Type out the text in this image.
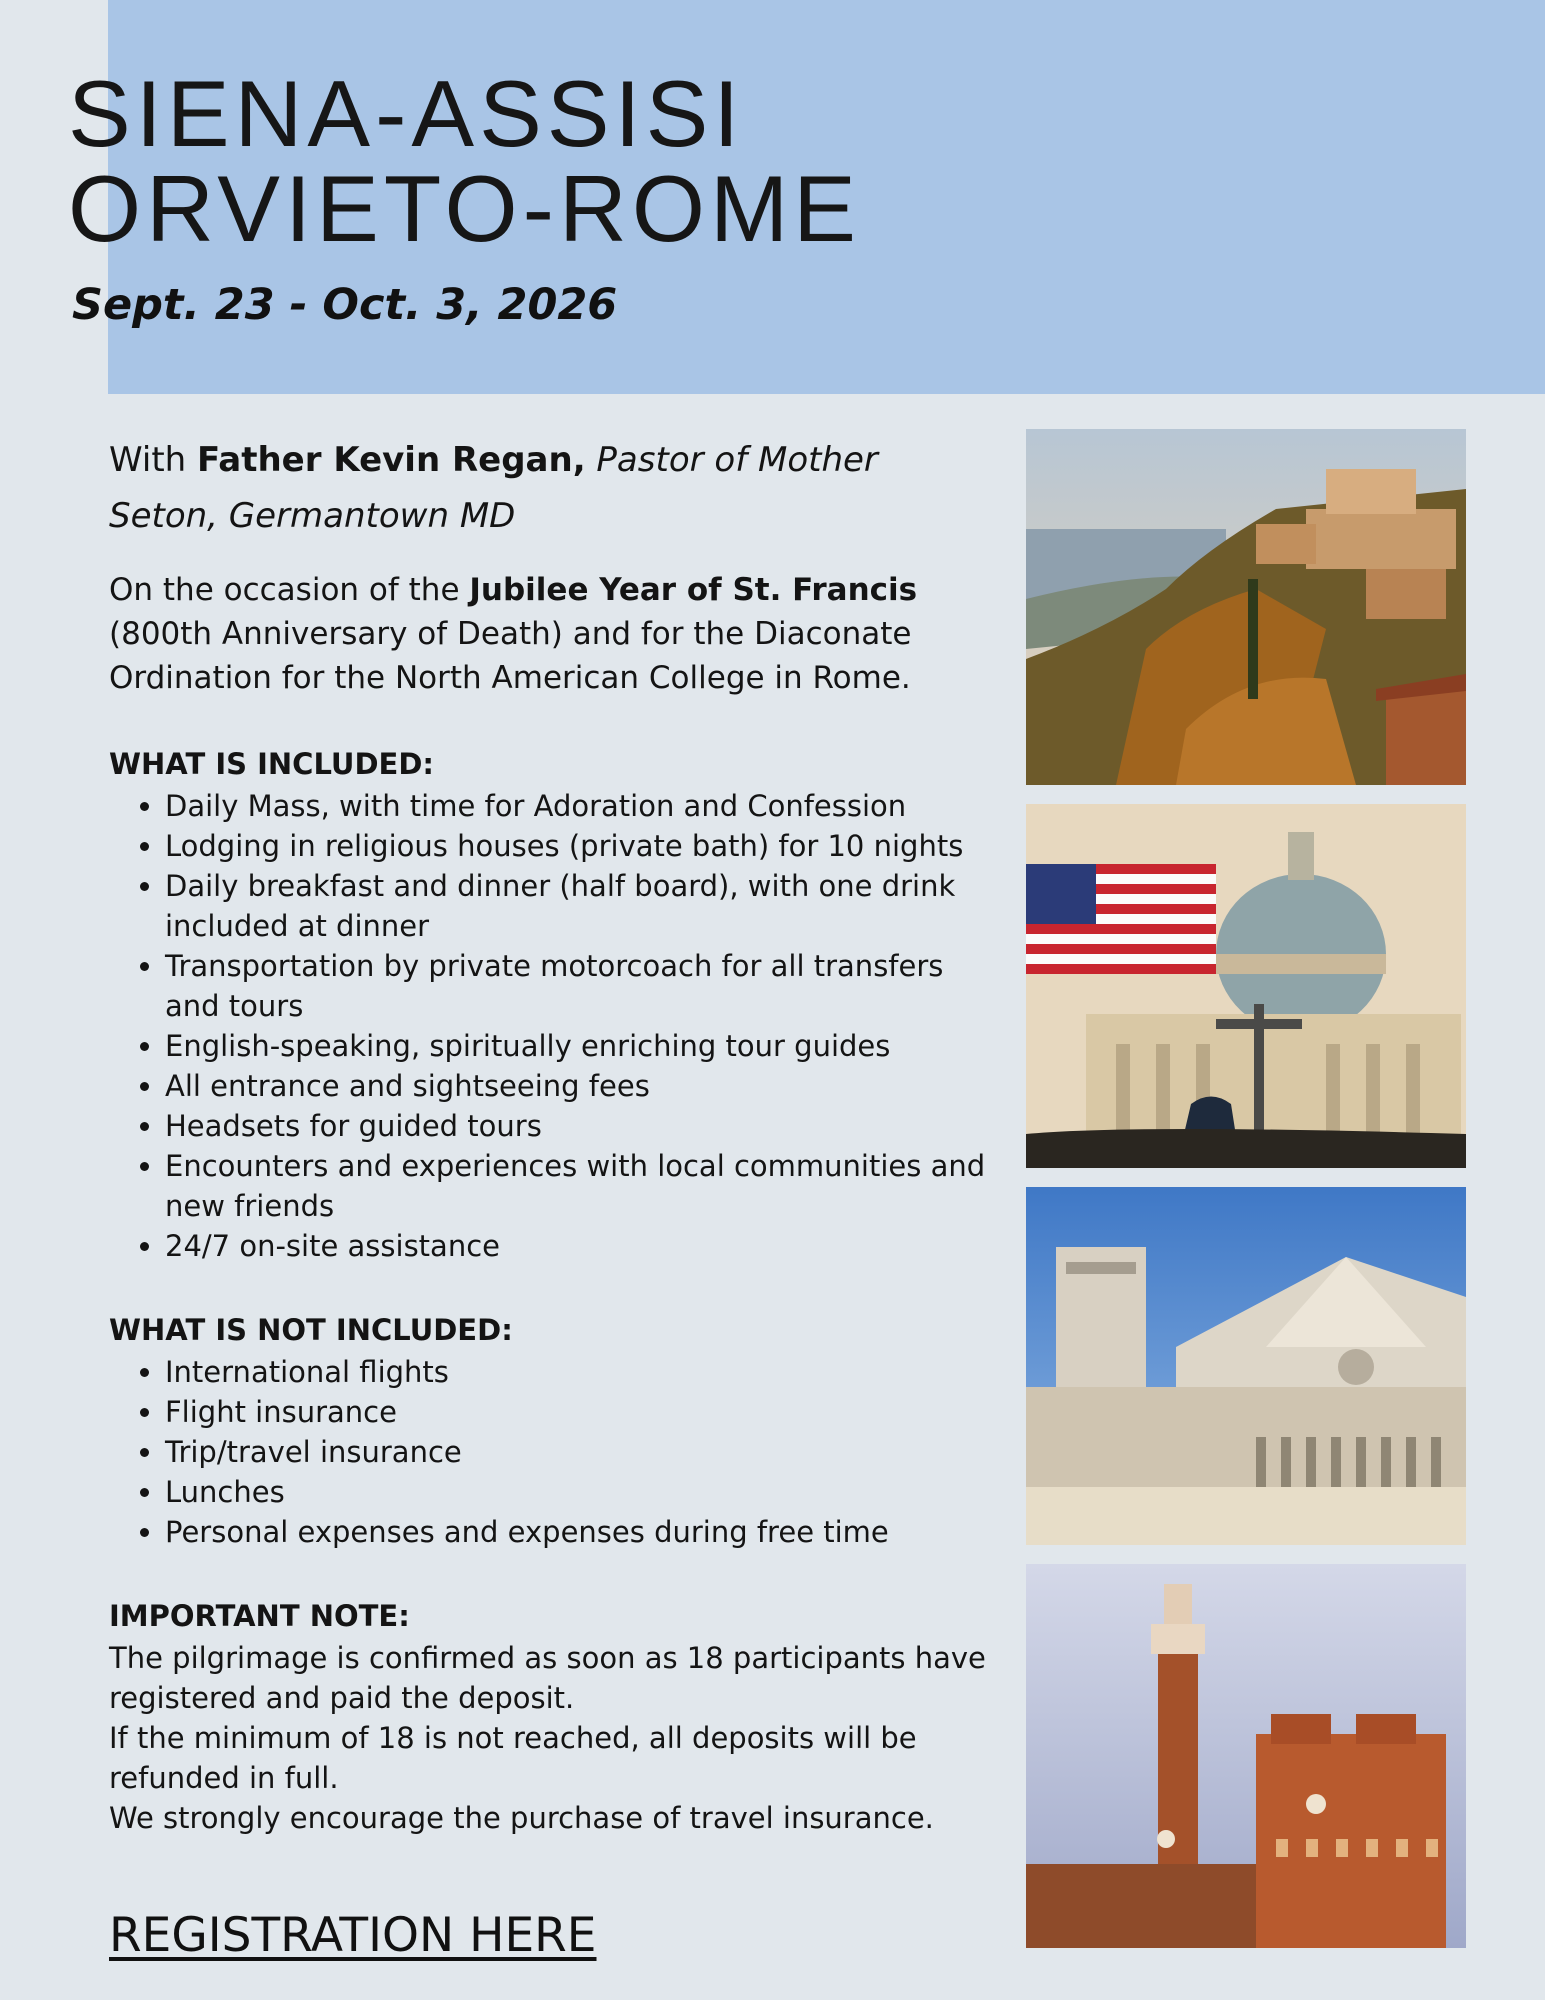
SIENA-ASSISI
ORVIETO-ROME
Sept. 23 - Oct. 3, 2026

With Father Kevin Regan, Pastor of Mother Seton, Germantown MD

On the occasion of the Jubilee Year of St. Francis (800th Anniversary of Death) and for the Diaconate Ordination for the North American College in Rome.

WHAT IS INCLUDED:
• Daily Mass, with time for Adoration and Confession
• Lodging in religious houses (private bath) for 10 nights
• Daily breakfast and dinner (half board), with one drink included at dinner
• Transportation by private motorcoach for all transfers and tours
• English-speaking, spiritually enriching tour guides
• All entrance and sightseeing fees
• Headsets for guided tours
• Encounters and experiences with local communities and new friends
• 24/7 on-site assistance
WHAT IS NOT INCLUDED:
• International flights
• Flight insurance
• Trip/travel insurance
• Lunches
• Personal expenses and expenses during free time
IMPORTANT NOTE:

The pilgrimage is confirmed as soon as 18 participants have registered and paid the deposit.

If the minimum of 18 is not reached, all deposits will be refunded in full.

We strongly encourage the purchase of travel insurance.

REGISTRATION HERE
